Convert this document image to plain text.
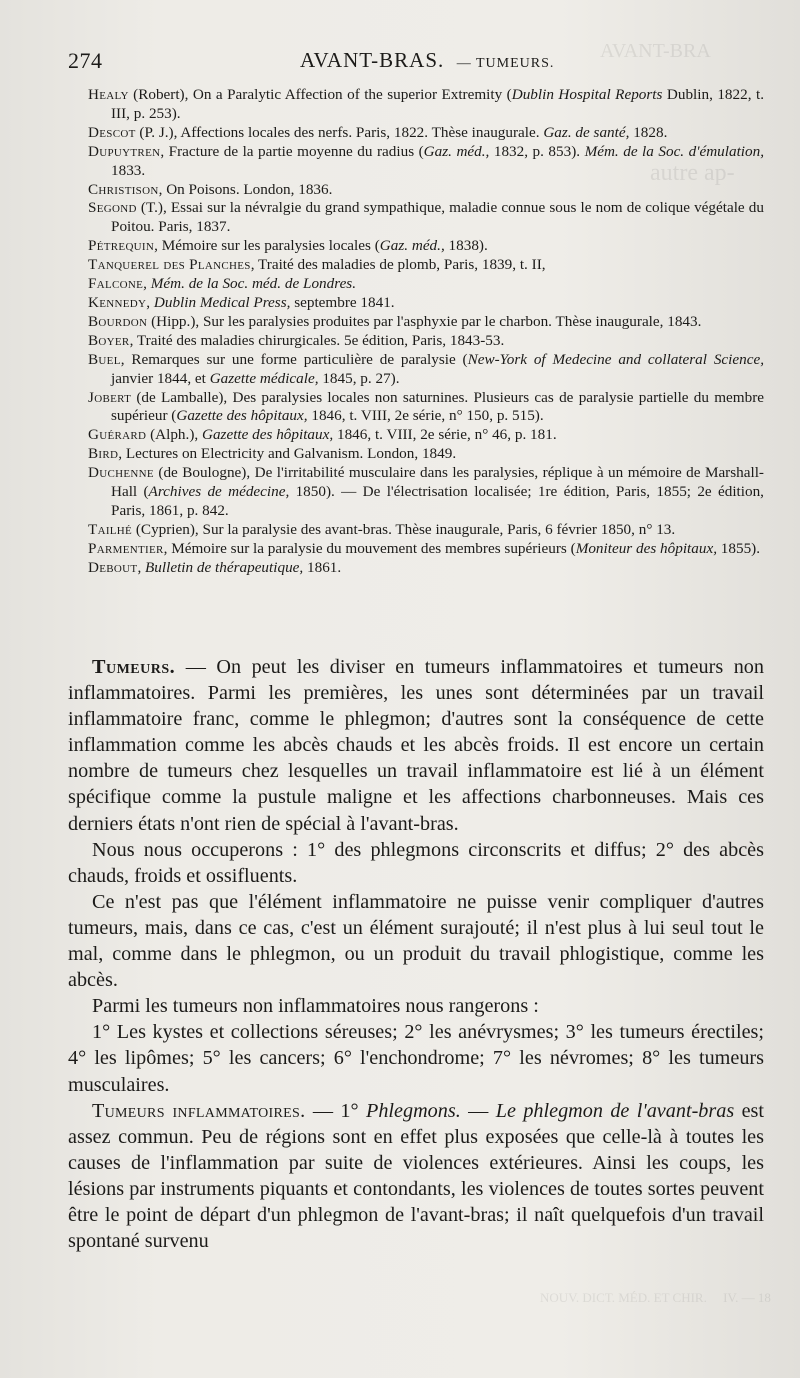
AVANT-BRA
autre ap-
NOUV. DICT. MÉD. ET CHIR.     IV. — 18
274	AVANT-BRAS. — TUMEURS.

Healy (Robert), On a Paralytic Affection of the superior Extremity (Dublin Hospital Reports Dublin, 1822, t. III, p. 253).

Descot (P. J.), Affections locales des nerfs. Paris, 1822. Thèse inaugurale. Gaz. de santé, 1828.

Dupuytren, Fracture de la partie moyenne du radius (Gaz. méd., 1832, p. 853). Mém. de la Soc. d'émulation, 1833.

Christison, On Poisons. London, 1836.

Segond (T.), Essai sur la névralgie du grand sympathique, maladie connue sous le nom de colique végétale du Poitou. Paris, 1837.

Pétrequin, Mémoire sur les paralysies locales (Gaz. méd., 1838).

Tanquerel des Planches, Traité des maladies de plomb, Paris, 1839, t. II,

Falcone, Mém. de la Soc. méd. de Londres.

Kennedy, Dublin Medical Press, septembre 1841.

Bourdon (Hipp.), Sur les paralysies produites par l'asphyxie par le charbon. Thèse inaugurale, 1843.

Boyer, Traité des maladies chirurgicales. 5e édition, Paris, 1843-53.

Buel, Remarques sur une forme particulière de paralysie (New-York of Medecine and collateral Science, janvier 1844, et Gazette médicale, 1845, p. 27).

Jobert (de Lamballe), Des paralysies locales non saturnines. Plusieurs cas de paralysie partielle du membre supérieur (Gazette des hôpitaux, 1846, t. VIII, 2e série, n° 150, p. 515).

Guérard (Alph.), Gazette des hôpitaux, 1846, t. VIII, 2e série, n° 46, p. 181.

Bird, Lectures on Electricity and Galvanism. London, 1849.

Duchenne (de Boulogne), De l'irritabilité musculaire dans les paralysies, réplique à un mémoire de Marshall-Hall (Archives de médecine, 1850). — De l'électrisation localisée; 1re édition, Paris, 1855; 2e édition, Paris, 1861, p. 842.

Tailhé (Cyprien), Sur la paralysie des avant-bras. Thèse inaugurale, Paris, 6 février 1850, n° 13.

Parmentier, Mémoire sur la paralysie du mouvement des membres supérieurs (Moniteur des hôpitaux, 1855).

Debout, Bulletin de thérapeutique, 1861.

Tumeurs. — On peut les diviser en tumeurs inflammatoires et tumeurs non inflammatoires. Parmi les premières, les unes sont déterminées par un travail inflammatoire franc, comme le phlegmon; d'autres sont la conséquence de cette inflammation comme les abcès chauds et les abcès froids. Il est encore un certain nombre de tumeurs chez lesquelles un travail inflammatoire est lié à un élément spécifique comme la pustule maligne et les affections charbonneuses. Mais ces derniers états n'ont rien de spécial à l'avant-bras.

Nous nous occuperons : 1° des phlegmons circonscrits et diffus; 2° des abcès chauds, froids et ossifluents.

Ce n'est pas que l'élément inflammatoire ne puisse venir compliquer d'autres tumeurs, mais, dans ce cas, c'est un élément surajouté; il n'est plus à lui seul tout le mal, comme dans le phlegmon, ou un produit du travail phlogistique, comme les abcès.

Parmi les tumeurs non inflammatoires nous rangerons :

1° Les kystes et collections séreuses; 2° les anévrysmes; 3° les tumeurs érectiles; 4° les lipômes; 5° les cancers; 6° l'enchondrome; 7° les névromes; 8° les tumeurs musculaires.

Tumeurs inflammatoires. — 1° Phlegmons. — Le phlegmon de l'avant-bras est assez commun. Peu de régions sont en effet plus exposées que celle-là à toutes les causes de l'inflammation par suite de violences extérieures. Ainsi les coups, les lésions par instruments piquants et contondants, les violences de toutes sortes peuvent être le point de départ d'un phlegmon de l'avant-bras; il naît quelquefois d'un travail spontané survenu
